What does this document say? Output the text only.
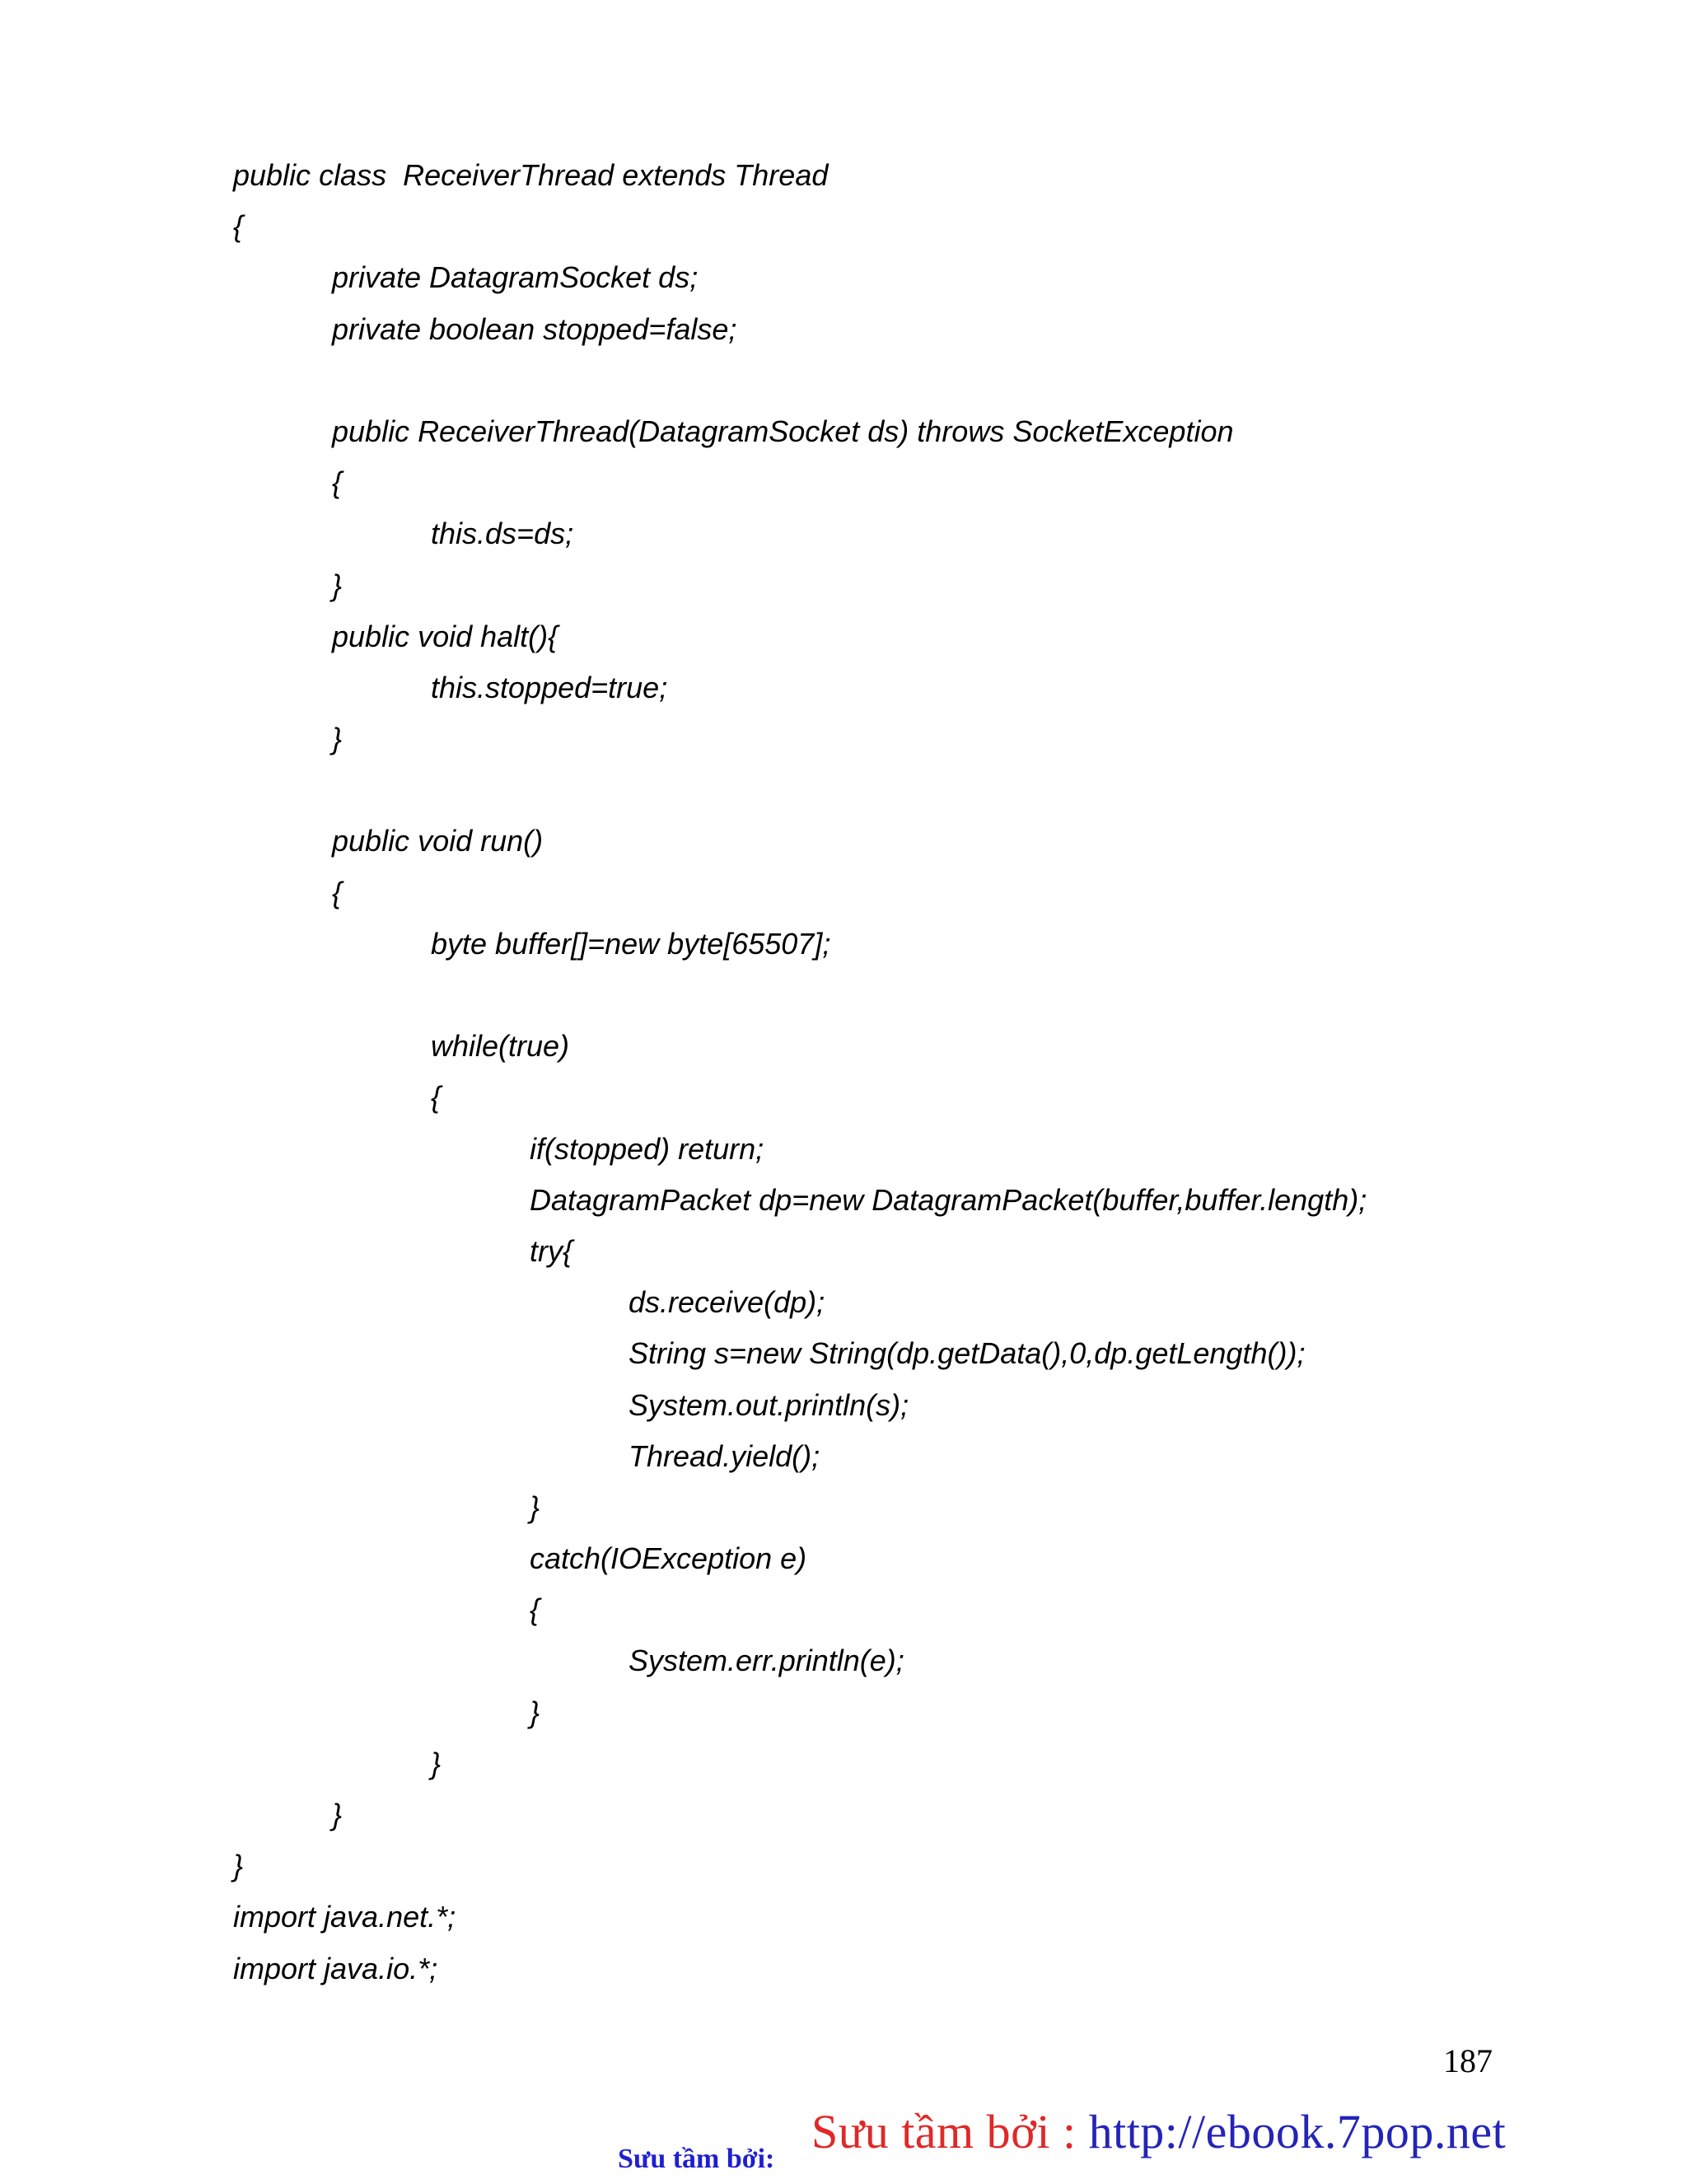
public class  ReceiverThread extends Thread
{
private DatagramSocket ds;
private boolean stopped=false;
public ReceiverThread(DatagramSocket ds) throws SocketException
{
this.ds=ds;
}
public void halt(){
this.stopped=true;
}
public void run()
{
byte buffer[]=new byte[65507];
while(true)
{
if(stopped) return;
DatagramPacket dp=new DatagramPacket(buffer,buffer.length);
try{
ds.receive(dp);
String s=new String(dp.getData(),0,dp.getLength());
System.out.println(s);
Thread.yield();
}
catch(IOException e)
{
System.err.println(e);
}
}
}
}
import java.net.*;
import java.io.*;
187
Sưu tầm bởi : http://ebook.7pop.net
Sưu tầm bởi:
